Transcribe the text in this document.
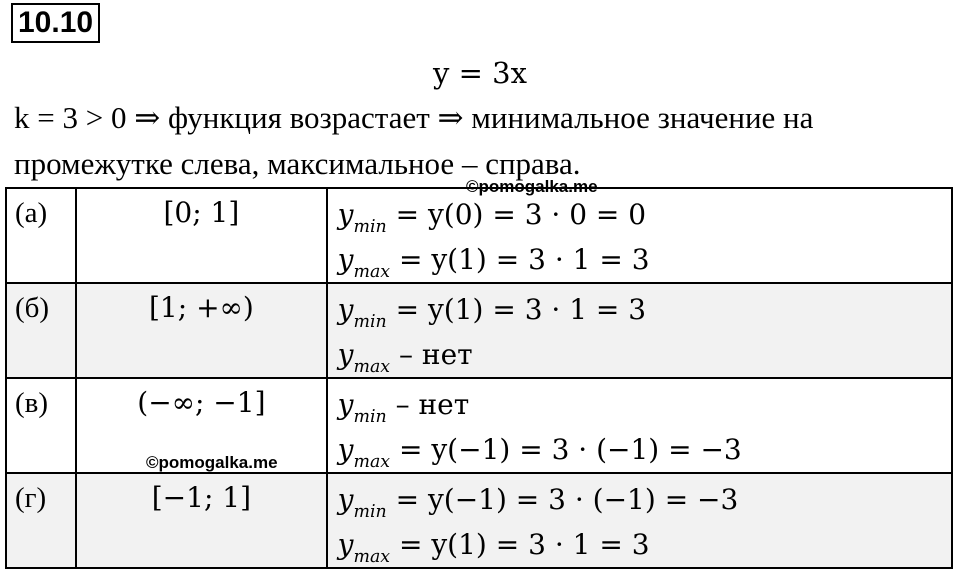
10.10
y = 3x
k = 3 > 0 ⇒ функция возрастает ⇒ минимальное значение на
промежутке слева, максимальное – справа.
(а)	[0; 1]	$y_{min} = y(0) = 3 \cdot 0 = 0$
$y_{max} = y(1) = 3 \cdot 1 = 3$

(б)	[1; +∞)	$y_{min} = y(1) = 3 \cdot 1 = 3$
$y_{max}$ – нет

(в)	(−∞; −1]	$y_{min}$ – нет
$y_{max} = y(-1) = 3 \cdot (-1) = -3$

(г)	[−1; 1]	$y_{min} = y(-1) = 3 \cdot (-1) = -3$
$y_{max} = y(1) = 3 \cdot 1 = 3$
©pomogalka.me
©pomogalka.me
